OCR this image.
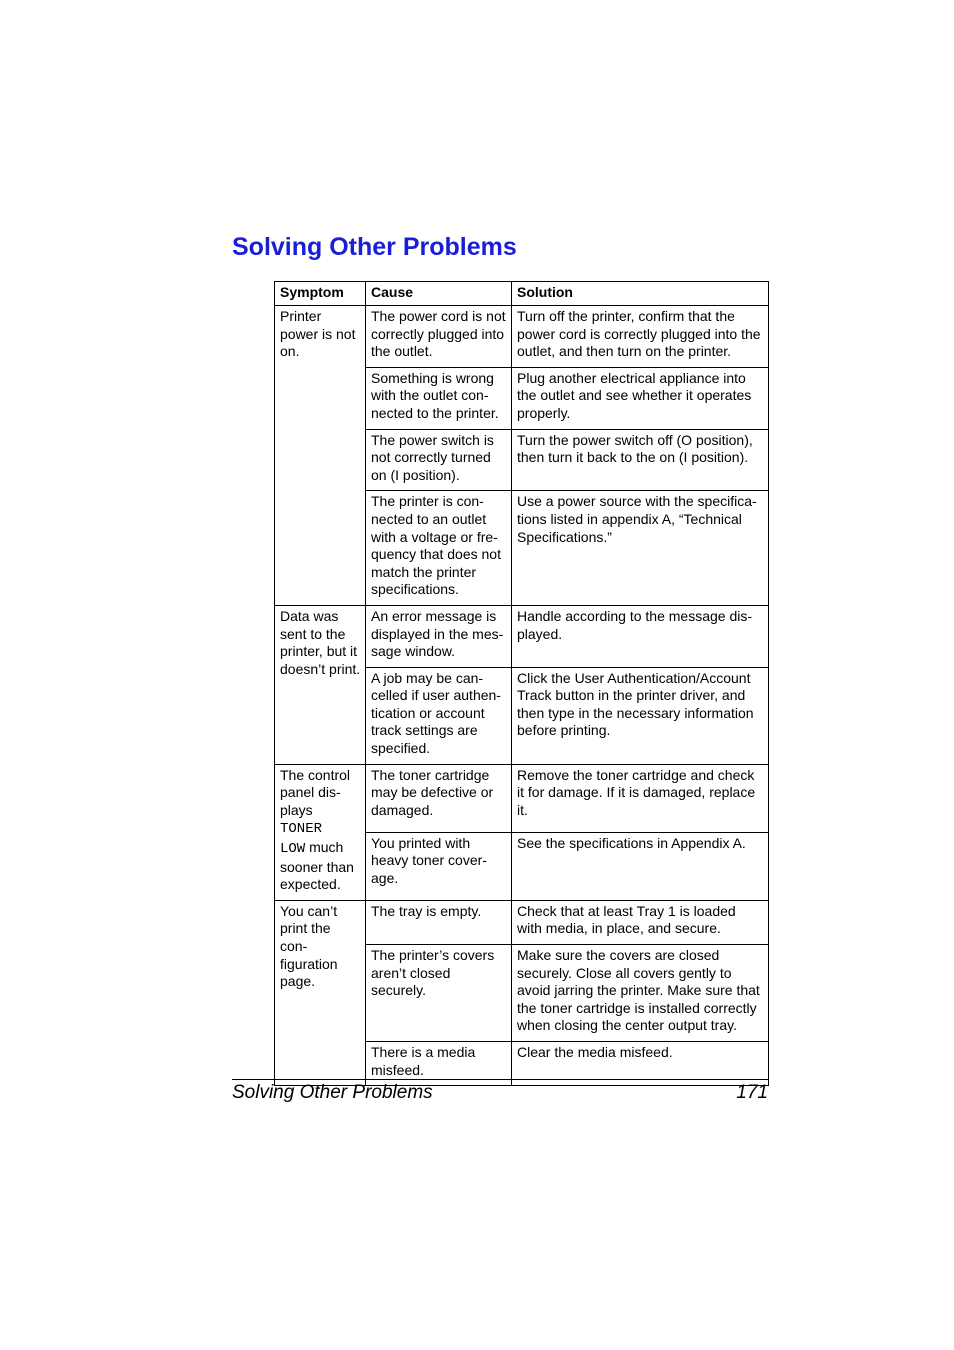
Solving Other Problems
Symptom	Cause	Solution
Printer power is not on.	The power cord is not correctly plugged into the outlet.	Turn off the printer, confirm that the power cord is correctly plugged into the outlet, and then turn on the printer.
	Something is wrong with the outlet con-nected to the printer.	Plug another electrical appliance into the outlet and see whether it operates properly.
	The power switch is not correctly turned on (I position).	Turn the power switch off (O position), then turn it back to the on (I position).
	The printer is con-nected to an outlet with a voltage or fre-quency that does not match the printer specifications.	Use a power source with the specifica-tions listed in appendix A, “Technical Specifications.”
Data was sent to the printer, but it doesn’t print.	An error message is displayed in the mes-sage window.	Handle according to the message dis-played.
	A job may be can-celled if user authen-tication or account track settings are specified.	Click the User Authentication/Account Track button in the printer driver, and then type in the necessary information before printing.
The control panel dis-plays
TONER
LOW much sooner than expected.	The toner cartridge may be defective or damaged.	Remove the toner cartridge and check it for damage. If it is damaged, replace it.
	You printed with heavy toner cover-age.	See the specifications in Appendix A.
You can’t print the con-figuration page.	The tray is empty.	Check that at least Tray 1 is loaded with media, in place, and secure.
	The printer’s covers aren’t closed securely.	Make sure the covers are closed securely. Close all covers gently to avoid jarring the printer. Make sure that the toner cartridge is installed correctly when closing the center output tray.
	There is a media misfeed.	Clear the media misfeed.
Solving Other Problems	171
